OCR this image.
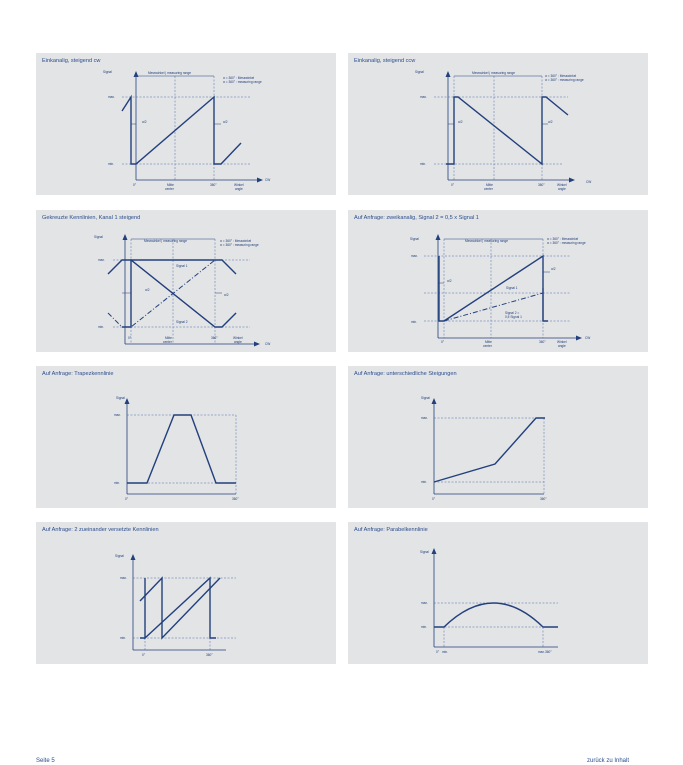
Einkanalig, steigend cw
Signal
max.
min.
0°	Mitte
center
360°	Winkel
angle
CW
Messwinkel | measuring range
α = 360° : Messwinkel
α = 360° : measuring range
α/2	α/2
Einkanalig, steigend ccw
Signal
max.
min.
0°	Mitte
center
360°	Winkel
angle
CW
Messwinkel | measuring range
α = 360° : Messwinkel
α = 360° : measuring range
α/2	α/2
Gekreuzte Kennlinien, Kanal 1 steigend
Signal
max.
min.
0°	Mitte
center
360°	Winkel
angle	CW
Messwinkel | measuring range	α = 360° : Messwinkel
α = 360° : measuring range
Signal 1
Signal 2
α/2
α/2
Auf Anfrage: zweikanalig, Signal 2 = 0,5 x Signal 1
Signal
max.
min.
0°	Mitte
center
360°	Winkel
angle
CW
Messwinkel | measuring range	α = 360° : Messwinkel
α = 360° : measuring range
Signal 1
Signal 2 =
0,5 Signal 1
α/2
α/2
Auf Anfrage: Trapezkennlinie
Signal
max.
min.
0°	360°
Auf Anfrage: unterschiedliche Steigungen
Signal
max.
min.
0°	360°
Auf Anfrage: 2 zueinander versetzte Kennlinien
Signal
max.
min.
0°	360°
Auf Anfrage: Parabelkennlinie
Signal
max.
min.
0° min.	max. 360°
Seite 5	zurück zu Inhalt
